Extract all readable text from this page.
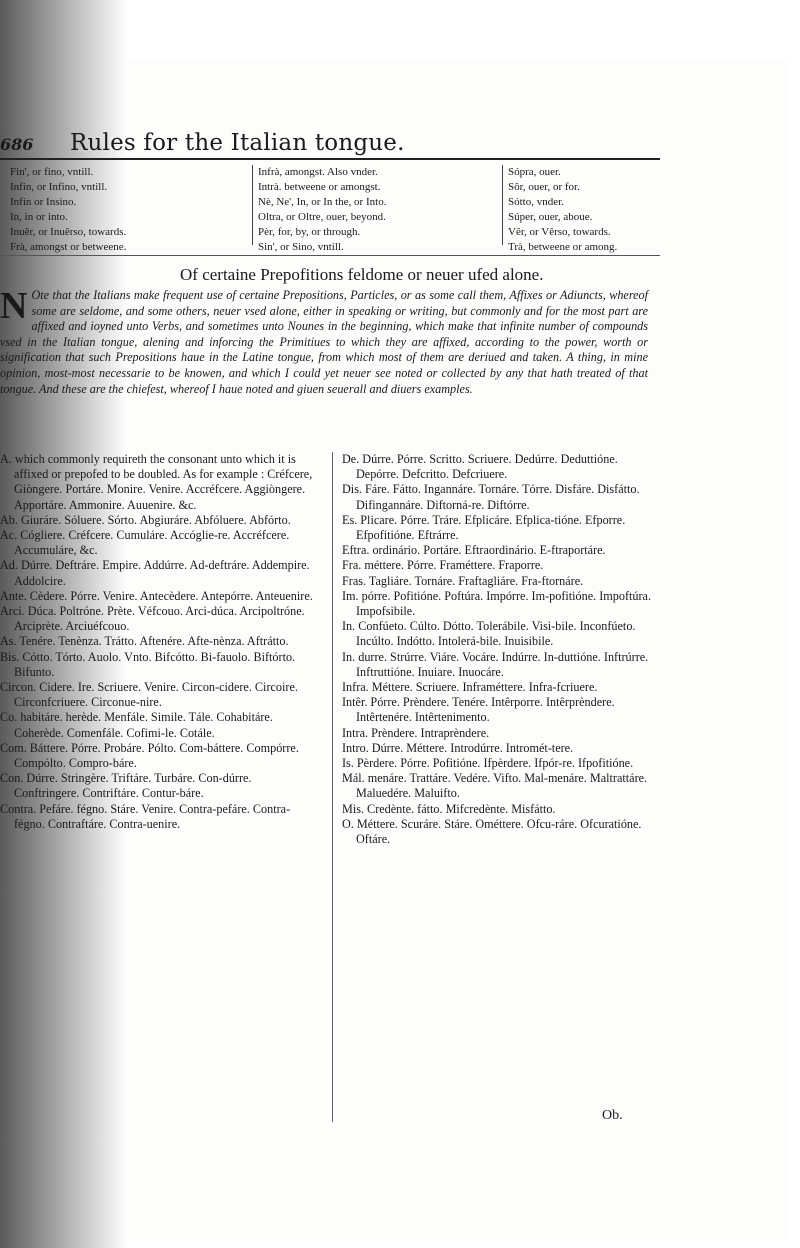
686 Rules for the Italian tongue.
Fin', or fino, vntill.
Infin, or Infino, vntill.
Infin or Insino.
In, in or into.
Inuêr, or Inuêrso, towards.
Frà, amongst or betweene.
Infrà, amongst. Also vnder.
Intrà. betweene or amongst.
Nè, Ne', In, or In the, or Into.
Oltra, or Oltre, ouer, beyond.
Pèr, for, by, or through.
Sin', or Sino, vntill.
Sópra, ouer.
Sôr, ouer, or for.
Sótto, vnder.
Súper, ouer, aboue.
Vêr, or Vêrso, towards.
Trà, betweene or among.
Of certaine Prepofitions feldome or neuer ufed alone.
N Ote that the Italians make frequent use of certaine Prepositions, Particles, or as some call them, Affixes or Adiuncts, whereof some are seldome, and some others, neuer vsed alone, either in speaking or writing, but commonly and for the most part are affixed and ioyned unto Verbs, and sometimes unto Nounes in the beginning, which make that infinite number of compounds vsed in the Italian tongue, alening and inforcing the Primitiues to which they are affixed, according to the power, worth or signification that such Prepositions haue in the Latine tongue, from which most of them are deriued and taken. A thing, in mine opinion, most-most necessarie to be knowen, and which I could yet neuer see noted or collected by any that hath treated of that tongue. And these are the chiefest, whereof I haue noted and giuen seuerall and diuers examples.

A. which commonly requireth the consonant unto which it is affixed or prepofed to be doubled. As for example : Créfcere, Giòngere. Portáre. Monire. Venire. Accréfcere. Aggiòngere. Apportáre. Ammonire. Auuenire. &c.

Ab. Giuráre. Sóluere. Sórto. Abgiuráre. Abfóluere. Abfórto.

Ac. Cógliere. Créfcere. Cumuláre. Accóglie-re. Accréfcere. Accumuláre, &c.

Ad. Dúrre. Deftráre. Empire. Addúrre. Ad-deftráre. Addempire. Addolcire.

Ante. Cèdere. Pórre. Venire. Antecèdere. Antepórre. Anteuenire.

Arci. Dúca. Poltróne. Prète. Véfcouo. Arci-dúca. Arcipoltróne. Arciprète. Arciuéfcouo.

As. Tenére. Tenènza. Trátto. Aftenére. Afte-nènza. Aftrátto.

Bis. Cótto. Tórto. Auolo. Vnto. Bifcótto. Bi-fauolo. Biftórto. Bifunto.

Circon. Cidere. Ire. Scriuere. Venire. Circon-cidere. Circoire. Circonfcriuere. Circonue-nire.

Co. habitáre. herède. Menfále. Simile. Tále. Cohabitáre. Coherède. Comenfále. Cofimi-le. Cotále.

Com. Báttere. Pórre. Probáre. Pólto. Com-báttere. Compórre. Compólto. Compro-báre.

Con. Dúrre. Stringère. Triftáre. Turbáre. Con-dúrre. Conftringere. Contriftáre. Contur-báre.

Contra. Pefáre. fégno. Stáre. Venire. Contra-pefáre. Contra-fégno. Contraftáre. Contra-uenire.

De. Dúrre. Pórre. Scritto. Scriuere. Dedúrre. Deduttióne. Depórre. Defcritto. Defcriuere.

Dis. Fáre. Fátto. Ingannáre. Tornáre. Tórre. Disfáre. Disfátto. Difingannáre. Diftorná-re. Diftórre.

Es. Plicare. Pórre. Tráre. Efplicáre. Efplica-tióne. Efporre. Efpofitióne. Eftrárre.

Eftra. ordinário. Portáre. Eftraordinário. E-ftraportáre.

Fra. méttere. Pórre. Framéttere. Fraporre.

Fras. Tagliáre. Tornáre. Fraftagliáre. Fra-ftornáre.

Im. pórre. Pofitióne. Poftúra. Impórre. Im-pofitióne. Impoftúra. Impofsibile.

In. Confúeto. Cúlto. Dótto. Tolerábile. Visi-bile. Inconfúeto. Incúlto. Indótto. Intolerá-bile. Inuisibile.

In. durre. Strúrre. Viáre. Vocáre. Indúrre. In-duttióne. Inftrúrre. Inftruttióne. Inuiare. Inuocáre.

Infra. Méttere. Scriuere. Inframéttere. Infra-fcriuere.

Intêr. Pórre. Prèndere. Tenére. Intêrporre. Intêrprèndere. Intêrtenére. Intêrtenimento.

Intra. Prèndere. Intraprèndere.

Intro. Dúrre. Méttere. Introdúrre. Intromét-tere.

Is. Pèrdere. Pórre. Pofitióne. Ifpèrdere. Ifpór-re. Ifpofitióne.

Mál. menáre. Trattáre. Vedére. Vifto. Mal-menáre. Maltrattáre. Maluedére. Maluifto.

Mis. Credènte. fátto. Mifcredènte. Misfátto.

O. Méttere. Scuráre. Stáre. Ométtere. Ofcu-ráre. Ofcuratióne. Oftáre.

Ob.
